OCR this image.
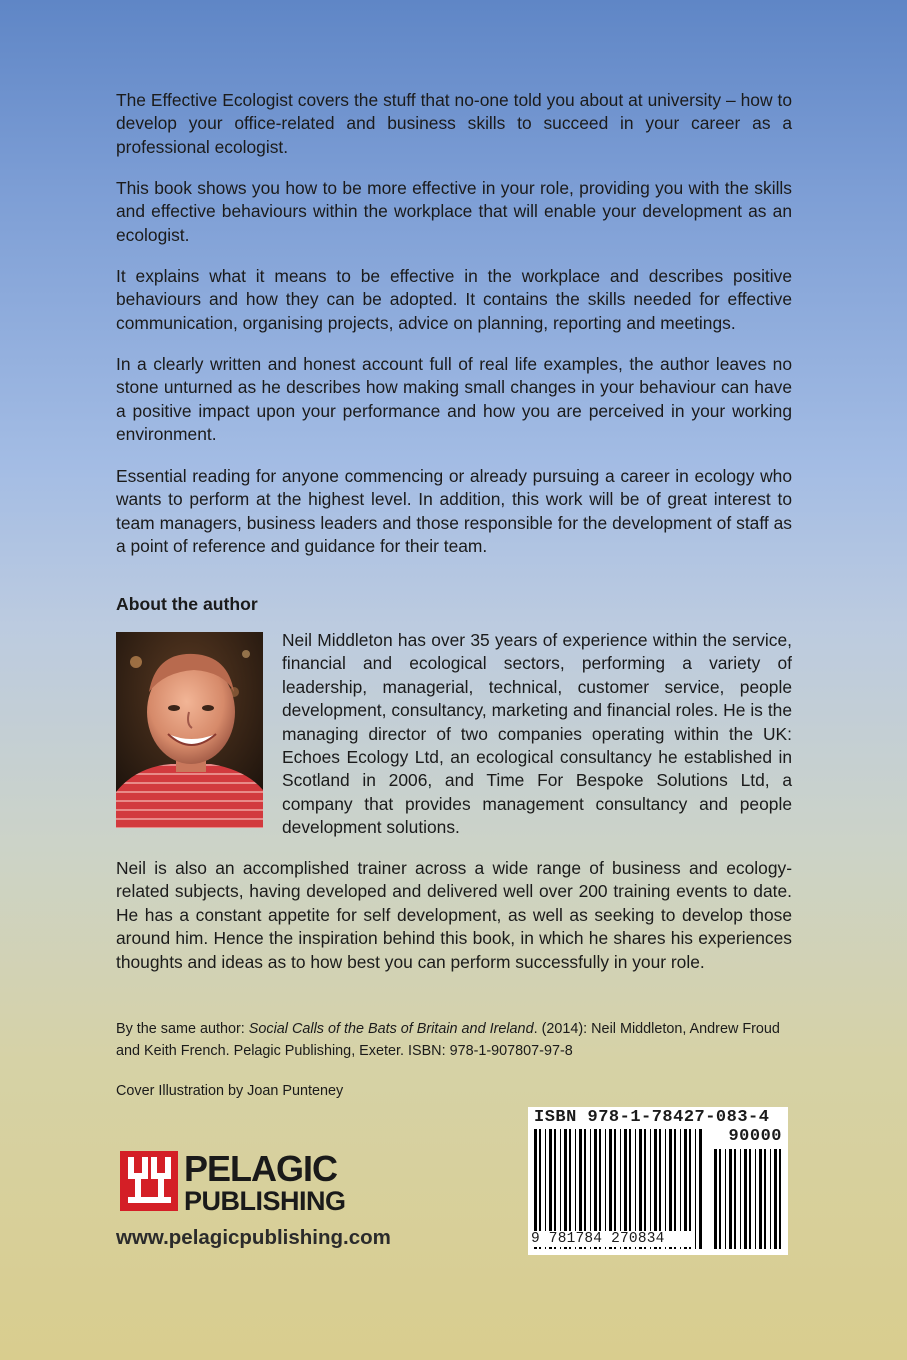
The Effective Ecologist covers the stuff that no-one told you about at university – how to develop your office-related and business skills to succeed in your career as a professional ecologist.

This book shows you how to be more effective in your role, providing you with the skills and effective behaviours within the workplace that will enable your development as an ecologist.

It explains what it means to be effective in the workplace and describes positive behaviours and how they can be adopted. It contains the skills needed for effective communication, organising projects, advice on planning, reporting and meetings.

In a clearly written and honest account full of real life examples, the author leaves no stone unturned as he describes how making small changes in your behaviour can have a positive impact upon your performance and how you are perceived in your working environment.

Essential reading for anyone commencing or already pursuing a career in ecology who wants to perform at the highest level. In addition, this work will be of great interest to team managers, business leaders and those responsible for the development of staff as a point of reference and guidance for their team.

About the author

Neil Middleton has over 35 years of experience within the service, financial and ecological sectors, performing a variety of leadership, managerial, technical, customer service, people development, consultancy, marketing and financial roles. He is the managing director of two companies operating within the UK: Echoes Ecology Ltd, an ecological consultancy he established in Scotland in 2006, and Time For Bespoke Solutions Ltd, a company that provides management consultancy and people development solutions.

Neil is also an accomplished trainer across a wide range of business and ecology-related subjects, having developed and delivered well over 200 training events to date. He has a constant appetite for self development, as well as seeking to develop those around him. Hence the inspiration behind this book, in which he shares his experiences thoughts and ideas as to how best you can perform successfully in your role.

By the same author: Social Calls of the Bats of Britain and Ireland. (2014): Neil Middleton, Andrew Froud and Keith French. Pelagic Publishing, Exeter. ISBN: 978-1-907807-97-8

Cover Illustration by Joan Punteney

PELAGIC
PUBLISHING
www.pelagicpublishing.com
ISBN 978-1-78427-083-4
90000
9 781784 270834
